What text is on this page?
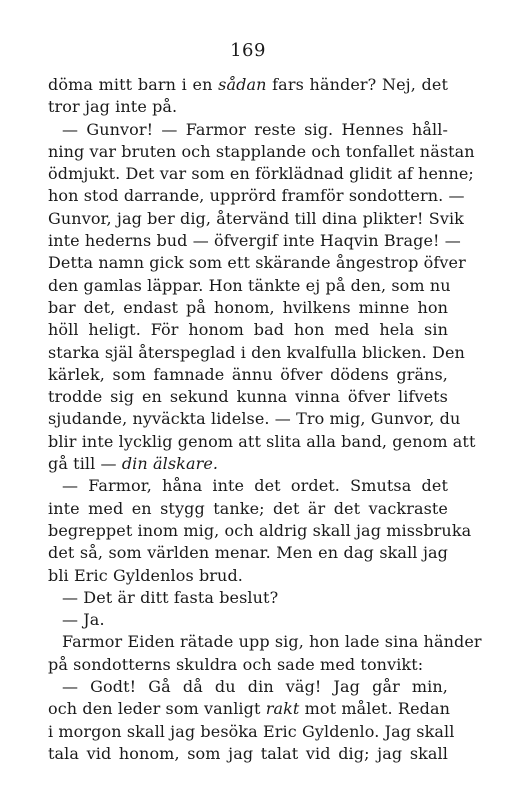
169
döma mitt barn i en sådan fars händer? Nej, det
tror jag inte på.
— Gunvor! — Farmor reste sig. Hennes håll-
ning var bruten och stapplande och tonfallet nästan
ödmjukt. Det var som en förklädnad glidit af henne;
hon stod darrande, upprörd framför sondottern. —
Gunvor, jag ber dig, återvänd till dina plikter! Svik
inte hederns bud — öfvergif inte Haqvin Brage! —
Detta namn gick som ett skärande ångestrop öfver
den gamlas läppar. Hon tänkte ej på den, som nu
bar det, endast på honom, hvilkens minne hon
höll heligt. För honom bad hon med hela sin
starka själ återspeglad i den kvalfulla blicken. Den
kärlek, som famnade ännu öfver dödens gräns,
trodde sig en sekund kunna vinna öfver lifvets
sjudande, nyväckta lidelse. — Tro mig, Gunvor, du
blir inte lycklig genom att slita alla band, genom att
gå till — din älskare.
— Farmor, håna inte det ordet. Smutsa det
inte med en stygg tanke; det är det vackraste
begreppet inom mig, och aldrig skall jag missbruka
det så, som världen menar. Men en dag skall jag
bli Eric Gyldenlos brud.
— Det är ditt fasta beslut?
— Ja.
Farmor Eiden rätade upp sig, hon lade sina händer
på sondotterns skuldra och sade med tonvikt:
— Godt! Gå då du din väg! Jag går min,
och den leder som vanligt rakt mot målet. Redan
i morgon skall jag besöka Eric Gyldenlo. Jag skall
tala vid honom, som jag talat vid dig; jag skall
